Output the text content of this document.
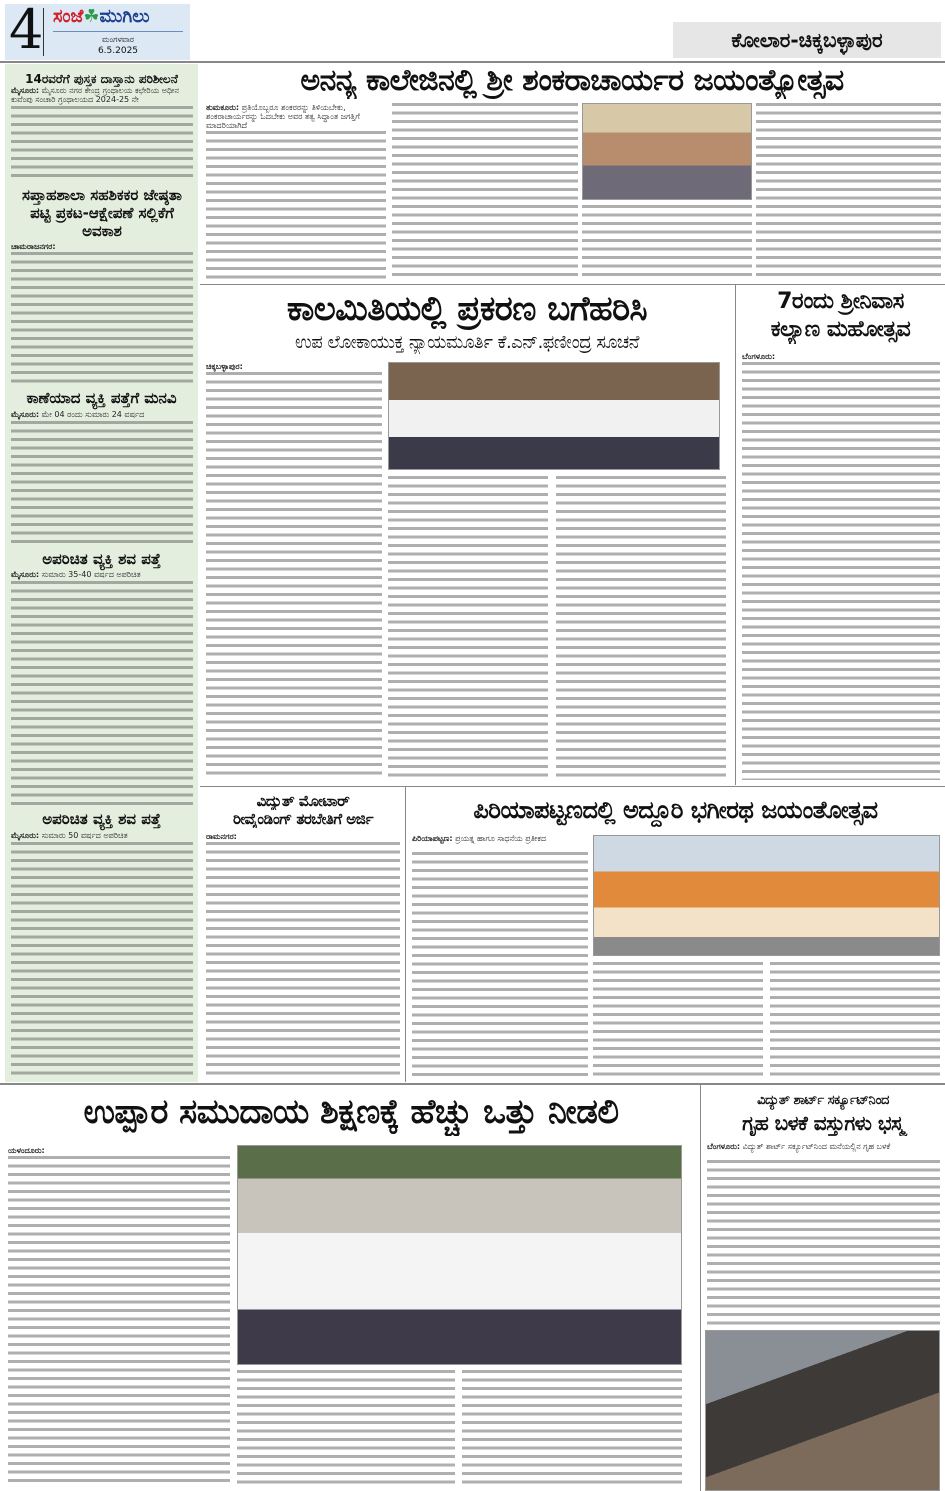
4 ಸಂಜೆ☘ಮುಗಿಲು
ಮಂಗಳವಾರ
6.5.2025	ಕೋಲಾರ-ಚಿಕ್ಕಬಳ್ಳಾಪುರ
14ರವರೆಗೆ ಪುಸ್ತಕ ದಾಸ್ತಾನು ಪರಿಶೀಲನೆ
ಮೈಸೂರು: ಮೈಸೂರು ನಗರ ಕೇಂದ್ರ ಗ್ರಂಥಾಲಯ ಕಛೇರಿಯ ಅಧೀನ ಕುವೆಂಪು ಸಂಚಾರಿ ಗ್ರಂಥಾಲಯದ 2024-25 ನೇ
ಸಪ್ತಾಹಶಾಲಾ ಸಹಶಿಕಕರ ಜೇಷ್ಠತಾ ಪಟ್ಟಿ ಪ್ರಕಟ-ಆಕ್ಷೇಪಣೆ ಸಲ್ಲಿಕೆಗೆ ಅವಕಾಶ
ಚಾಮರಾಜನಗರ:
ಕಾಣೆಯಾದ ವ್ಯಕ್ತಿ ಪತ್ತೆಗೆ ಮನವಿ
ಮೈಸೂರು: ಮೇ 04 ರಂದು ಸುಮಾರು 24 ವರ್ಷದ
ಅಪರಿಚಿತ ವ್ಯಕ್ತಿ ಶವ ಪತ್ತೆ
ಮೈಸೂರು: ಸುಮಾರು 35-40 ವರ್ಷದ ಅಪರಿಚಿತ
ಅಪರಿಚಿತ ವ್ಯಕ್ತಿ ಶವ ಪತ್ತೆ
ಮೈಸೂರು: ಸುಮಾರು 50 ವರ್ಷದ ಅಪರಿಚಿತ
ಅನನ್ಯ ಕಾಲೇಜಿನಲ್ಲಿ ಶ್ರೀ ಶಂಕರಾಚಾರ್ಯರ ಜಯಂತ್ಯೋತ್ಸವ
ತುಮಕೂರು: ಪ್ರತಿಯೊಬ್ಬರೂ ಶಂಕರರನ್ನು ತಿಳಿಯಬೇಕು, ಶಂಕರಾಚಾರ್ಯರನ್ನು ಓದಬೇಕು ಅವರ ತತ್ವ ಸಿದ್ಧಾಂತ ಜಗತ್ತಿಗೆ ಮಾದರಿಯಾಗಿದೆ
ಕಾಲಮಿತಿಯಲ್ಲಿ ಪ್ರಕರಣ ಬಗೆಹರಿಸಿ
ಉಪ ಲೋಕಾಯುಕ್ತ ನ್ಯಾಯಮೂರ್ತಿ ಕೆ.ಎನ್.ಫಣೀಂದ್ರ ಸೂಚನೆ
ಚಿಕ್ಕಬಳ್ಳಾಪುರ:
7ರಂದು ಶ್ರೀನಿವಾಸ
ಕಲ್ಯಾಣ ಮಹೋತ್ಸವ
ಬೆಂಗಳೂರು:
ವಿದ್ಯುತ್ ಮೋಟಾರ್
ರೀವೈಂಡಿಂಗ್ ತರಬೇತಿಗೆ ಅರ್ಜಿ
ರಾಮನಗರ:
ಪಿರಿಯಾಪಟ್ಟಣದಲ್ಲಿ ಅದ್ದೂರಿ ಭಗೀರಥ ಜಯಂತೋತ್ಸವ
ಪಿರಿಯಾಪಟ್ಟಣ: ಪ್ರಯತ್ನ ಹಾಗೂ ಸಾಧನೆಯ ಪ್ರತೀಕದ
ಉಪ್ಪಾರ ಸಮುದಾಯ ಶಿಕ್ಷಣಕ್ಕೆ ಹೆಚ್ಚು ಒತ್ತು ನೀಡಲಿ
ಯಳಂದೂರು:
ವಿದ್ಯುತ್ ಶಾರ್ಟ್ ಸರ್ಕ್ಯೂಟ್‌ನಿಂದ
ಗೃಹ ಬಳಕೆ ವಸ್ತುಗಳು ಭಸ್ಮ
ಬೆಂಗಳೂರು: ವಿದ್ಯುತ್ ಶಾರ್ಟ್ ಸರ್ಕ್ಯೂಟ್‌ನಿಂದ ಮನೆಯಲ್ಲಿನ ಗೃಹ ಬಳಕೆ
